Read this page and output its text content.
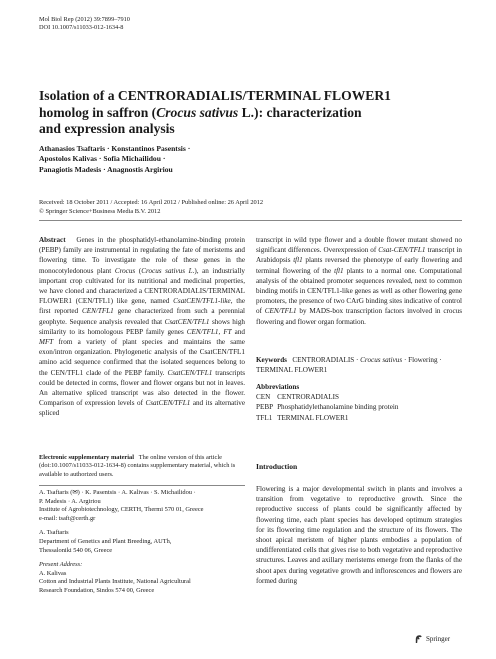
Mol Biol Rep (2012) 39:7899–7910
DOI 10.1007/s11033-012-1634-8
Isolation of a CENTRORADIALIS/TERMINAL FLOWER1
homolog in saffron (Crocus sativus L.): characterization
and expression analysis
Athanasios Tsaftaris · Konstantinos Pasentsis ·
Apostolos Kalivas · Sofia Michailidou ·
Panagiotis Madesis · Anagnostis Argiriou
Received: 18 October 2011 / Accepted: 16 April 2012 / Published online: 26 April 2012
© Springer Science+Business Media B.V. 2012

Abstract Genes in the phosphatidyl-ethanolamine-binding protein (PEBP) family are instrumental in regulating the fate of meristems and flowering time. To investigate the role of these genes in the monocotyledonous plant Crocus (Crocus sativus L.), an industrially important crop cultivated for its nutritional and medicinal properties, we have cloned and characterized a CENTRORADIALIS/TERMINAL FLOWER1 (CEN/TFL1) like gene, named CsatCEN/TFL1-like, the first reported CEN/TFL1 gene characterized from such a perennial geophyte. Sequence analysis revealed that CsatCEN/TFL1 shows high similarity to its homologous PEBP family genes CEN/TFL1, FT and MFT from a variety of plant species and maintains the same exon/intron organization. Phylogenetic analysis of the CsatCEN/TFL1 amino acid sequence confirmed that the isolated sequences belong to the CEN/TFL1 clade of the PEBP family. CsatCEN/TFL1 transcripts could be detected in corms, flower and flower organs but not in leaves. An alternative spliced transcript was also detected in the flower. Comparison of expression levels of CsatCEN/TFL1 and its alternative spliced

transcript in wild type flower and a double flower mutant showed no significant differences. Overexpression of Csat-CEN/TFL1 transcript in Arabidopsis tfl1 plants reversed the phenotype of early flowering and terminal flowering of the tfl1 plants to a normal one. Computational analysis of the obtained promoter sequences revealed, next to common binding motifs in CEN/TFL1-like genes as well as other flowering gene promoters, the presence of two CArG binding sites indicative of control of CEN/TFL1 by MADS-box transcription factors involved in crocus flowering and flower organ formation.

Keywords CENTRORADIALIS · Crocus sativus · Flowering · TERMINAL FLOWER1
Abbreviations
CEN	CENTRORADIALIS
PEBP	Phosphatidylethanolamine binding protein
TFL1	TERMINAL FLOWER1
Electronic supplementary material The online version of this article (doi:10.1007/s11033-012-1634-8) contains supplementary material, which is available to authorized users.
A. Tsaftaris (✉) · K. Pasentsis · A. Kalivas · S. Michailidou ·
P. Madesis · A. Argiriou
Institute of Agrobiotechnology, CERTH, Thermi 570 01, Greece
e-mail: tsaft@certh.gr
A. Tsaftaris
Department of Genetics and Plant Breeding, AUTh,
Thessaloniki 540 06, Greece
Present Address:
A. Kalivas
Cotton and Industrial Plants Institute, National Agricultural
Research Foundation, Sindos 574 00, Greece
Introduction
Flowering is a major developmental switch in plants and involves a transition from vegetative to reproductive growth. Since the reproductive success of plants could be significantly affected by flowering time, each plant species has developed optimum strategies for its flowering time regulation and the structure of its flowers. The shoot apical meristem of higher plants embodies a population of undifferentiated cells that gives rise to both vegetative and reproductive structures. Leaves and axillary meristems emerge from the flanks of the shoot apex during vegetative growth and inflorescences and flowers are formed during
Springer
